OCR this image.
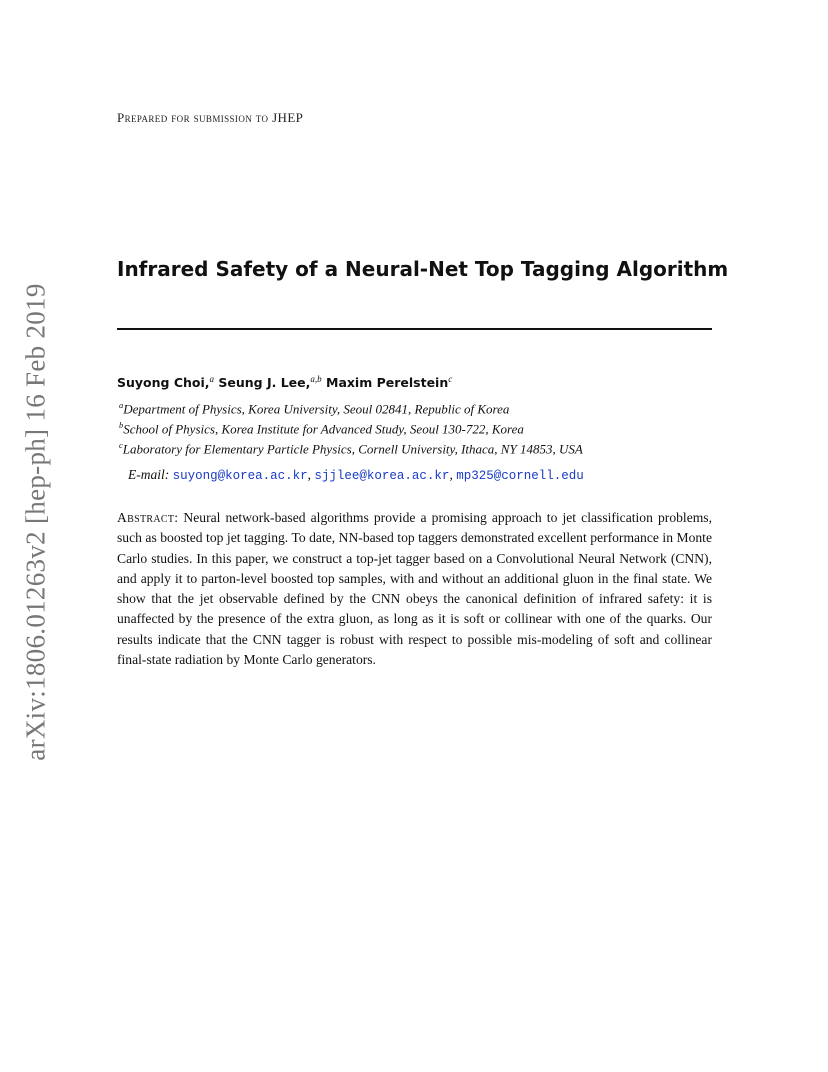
arXiv:1806.01263v2 [hep-ph] 16 Feb 2019
Prepared for submission to JHEP
Infrared Safety of a Neural-Net Top Tagging Algorithm
Suyong Choi,$^a$ Seung J. Lee,$^{a,b}$ Maxim Perelstein$^c$
$^a$Department of Physics, Korea University, Seoul 02841, Republic of Korea
$^b$School of Physics, Korea Institute for Advanced Study, Seoul 130-722, Korea
$^c$Laboratory for Elementary Particle Physics, Cornell University, Ithaca, NY 14853, USA
E-mail: suyong@korea.ac.kr, sjjlee@korea.ac.kr, mp325@cornell.edu
Abstract: Neural network-based algorithms provide a promising approach to jet classification problems, such as boosted top jet tagging. To date, NN-based top taggers demonstrated excellent performance in Monte Carlo studies. In this paper, we construct a top-jet tagger based on a Convolutional Neural Network (CNN), and apply it to parton-level boosted top samples, with and without an additional gluon in the final state. We show that the jet observable defined by the CNN obeys the canonical definition of infrared safety: it is unaffected by the presence of the extra gluon, as long as it is soft or collinear with one of the quarks. Our results indicate that the CNN tagger is robust with respect to possible mis-modeling of soft and collinear final-state radiation by Monte Carlo generators.
